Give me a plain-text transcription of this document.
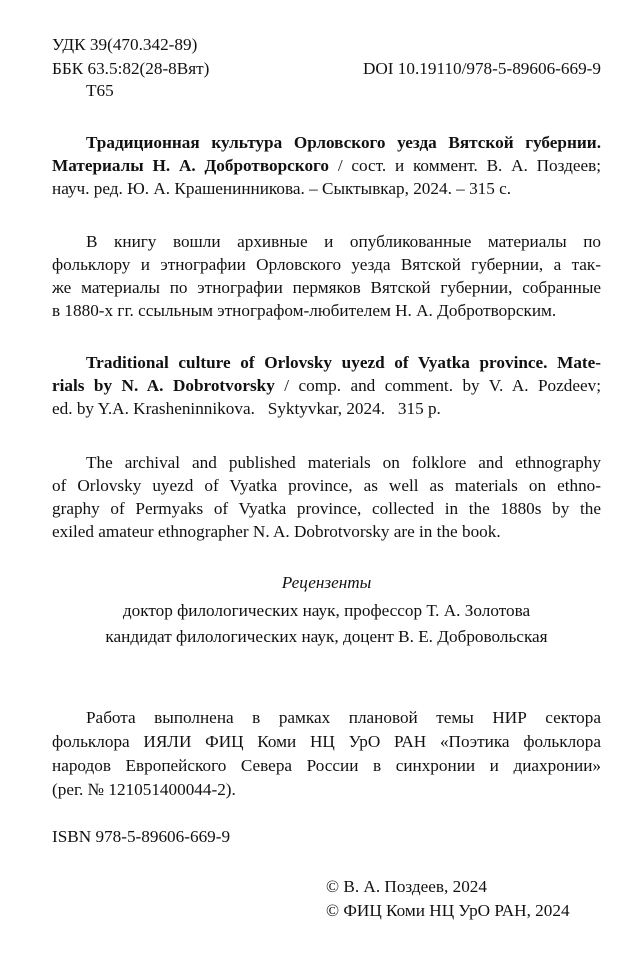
УДК 39(470.342-89)
ББК 63.5:82(28-8Вят)	DOI 10.19110/978-5-89606-669-9
Т65
Традиционная культура Орловского уезда Вятской губернии.
Материалы Н. А. Добротворского / сост. и коммент. В. А. Поздеев;
науч. ред. Ю. А. Крашенинникова. – Сыктывкар, 2024. – 315 с.
В книгу вошли архивные и опубликованные материалы по
фольклору и этнографии Орловского уезда Вятской губернии, а так-
же материалы по этнографии пермяков Вятской губернии, собранные
в 1880-х гг. ссыльным этнографом-любителем Н. А. Добротворским.
Traditional culture of Orlovsky uyezd of Vyatka province. Mate-
rials by N. A. Dobrotvorsky / comp. and comment. by V. A. Pozdeev;
ed. by Y.A. Krasheninnikova.   Syktyvkar, 2024.   315 p.
The archival and published materials on folklore and ethnography
of Orlovsky uyezd of Vyatka province, as well as materials on ethno-
graphy of Permyaks of Vyatka province, collected in the 1880s by the
exiled amateur ethnographer N. A. Dobrotvorsky are in the book.
Рецензенты
доктор филологических наук, профессор Т. А. Золотова
кандидат филологических наук, доцент В. Е. Добровольская
Работа выполнена в рамках плановой темы НИР сектора
фольклора ИЯЛИ ФИЦ Коми НЦ УрО РАН «Поэтика фольклора
народов Европейского Севера России в синхронии и диахронии»
(рег. № 121051400044-2).
ISBN 978-5-89606-669-9
© В. А. Поздеев, 2024
© ФИЦ Коми НЦ УрО РАН, 2024
